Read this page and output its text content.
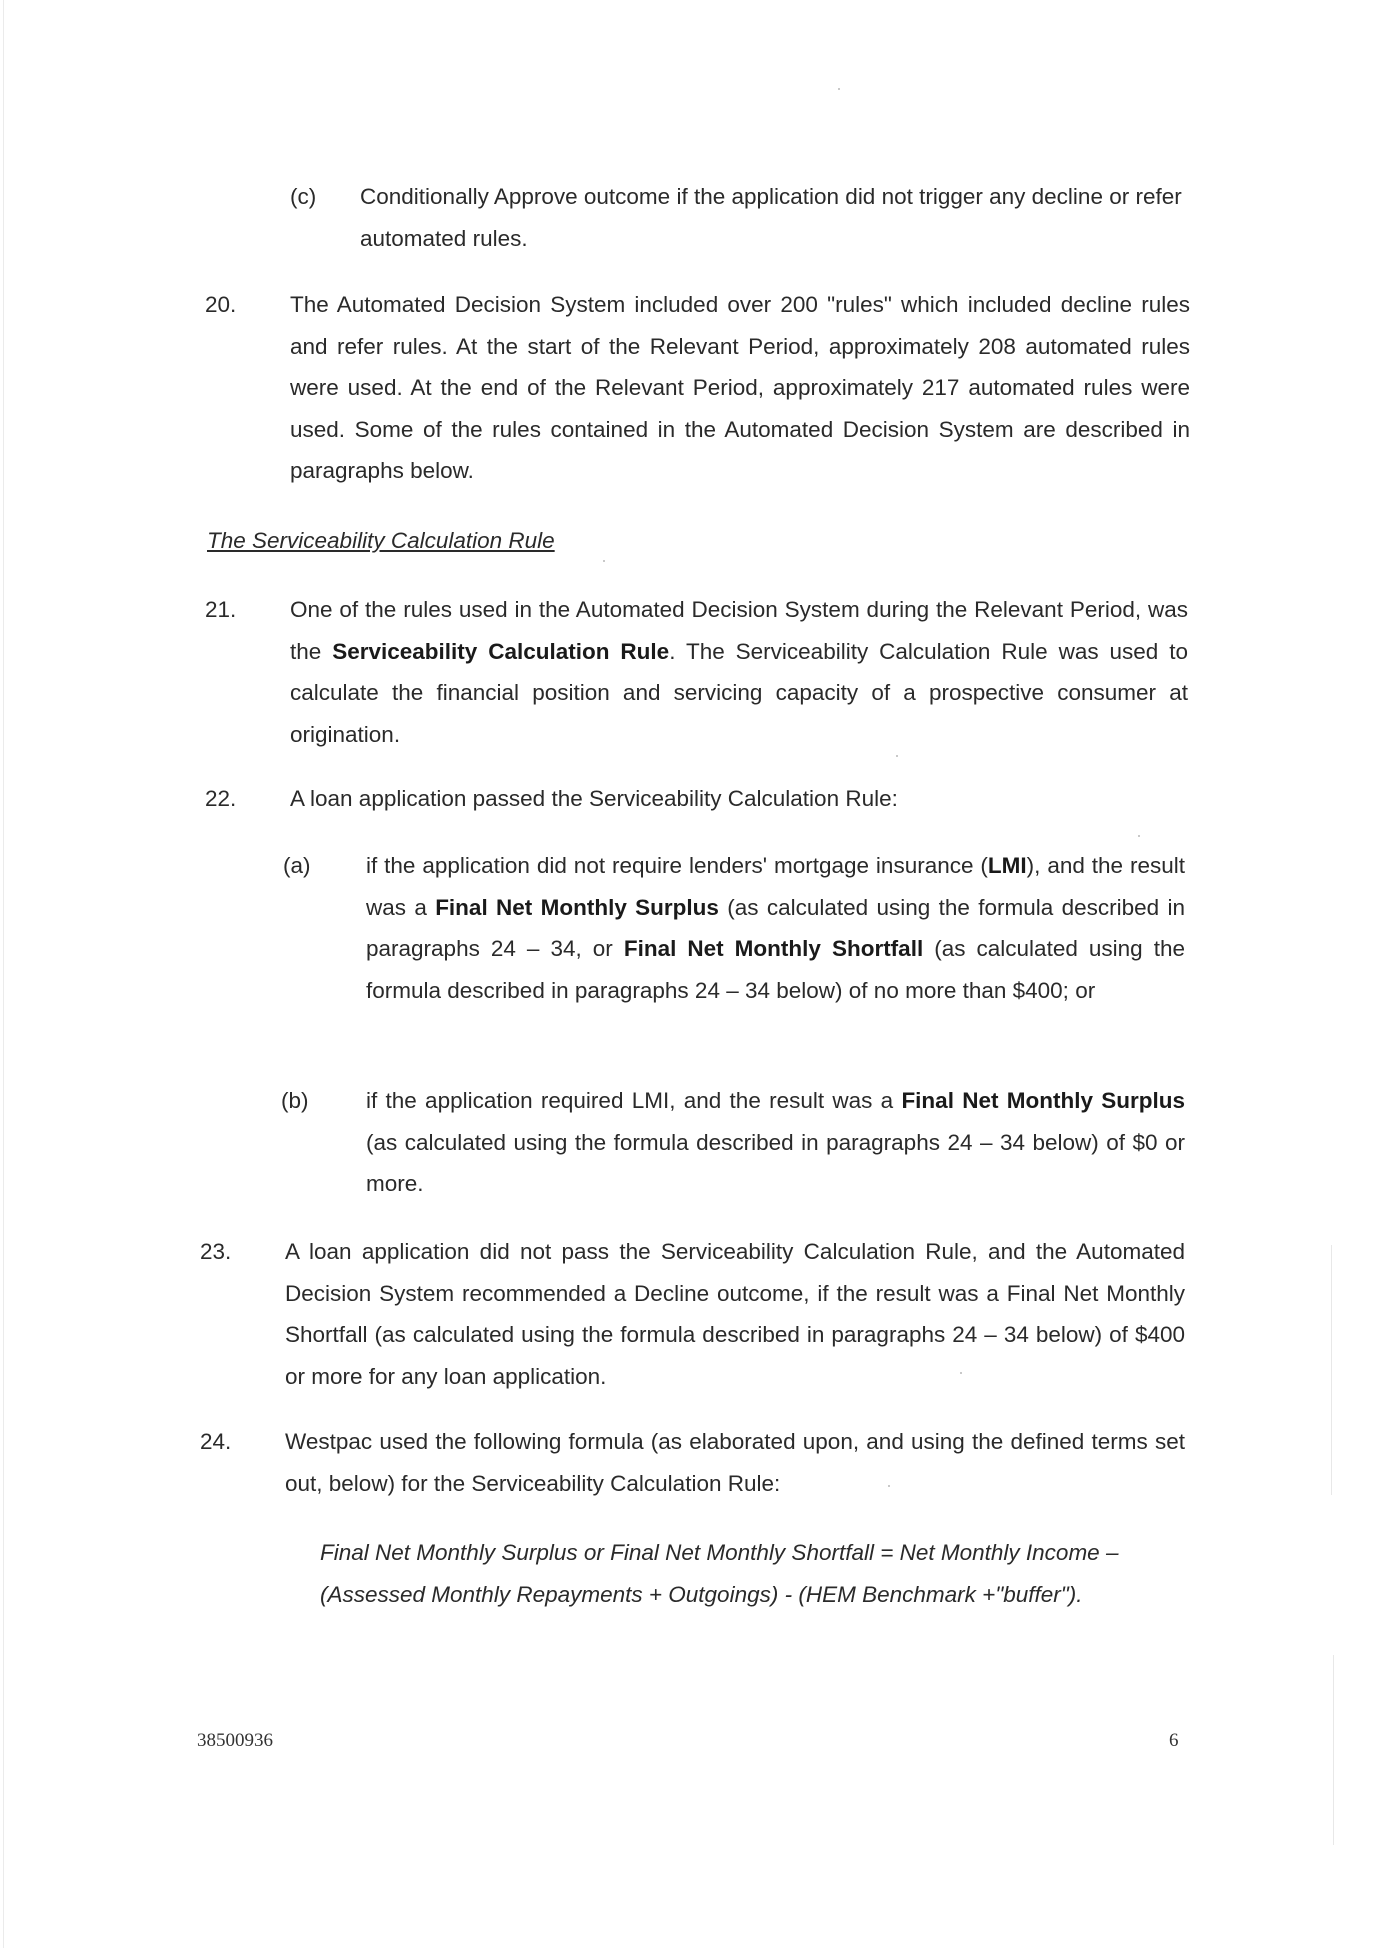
(c) Conditionally Approve outcome if the application did not trigger any decline or refer automated rules.
20. The Automated Decision System included over 200 "rules" which included decline rules and refer rules. At the start of the Relevant Period, approximately 208 automated rules were used. At the end of the Relevant Period, approximately 217 automated rules were used. Some of the rules contained in the Automated Decision System are described in paragraphs below.
The Serviceability Calculation Rule
21. One of the rules used in the Automated Decision System during the Relevant Period, was the Serviceability Calculation Rule. The Serviceability Calculation Rule was used to calculate the financial position and servicing capacity of a prospective consumer at origination.
22. A loan application passed the Serviceability Calculation Rule:
(a) if the application did not require lenders' mortgage insurance (LMI), and the result was a Final Net Monthly Surplus (as calculated using the formula described in paragraphs 24 – 34, or Final Net Monthly Shortfall (as calculated using the formula described in paragraphs 24 – 34 below) of no more than $400; or
(b)	if the application required LMI, and the result was a Final Net Monthly Surplus (as calculated using the formula described in paragraphs 24 – 34 below) of $0 or more.
23. A loan application did not pass the Serviceability Calculation Rule, and the Automated Decision System recommended a Decline outcome, if the result was a Final Net Monthly Shortfall (as calculated using the formula described in paragraphs 24 – 34 below) of $400 or more for any loan application.
24. Westpac used the following formula (as elaborated upon, and using the defined terms set out, below) for the Serviceability Calculation Rule:
Final Net Monthly Surplus or Final Net Monthly Shortfall = Net Monthly Income – (Assessed Monthly Repayments + Outgoings) - (HEM Benchmark +"buffer").
38500936	6
